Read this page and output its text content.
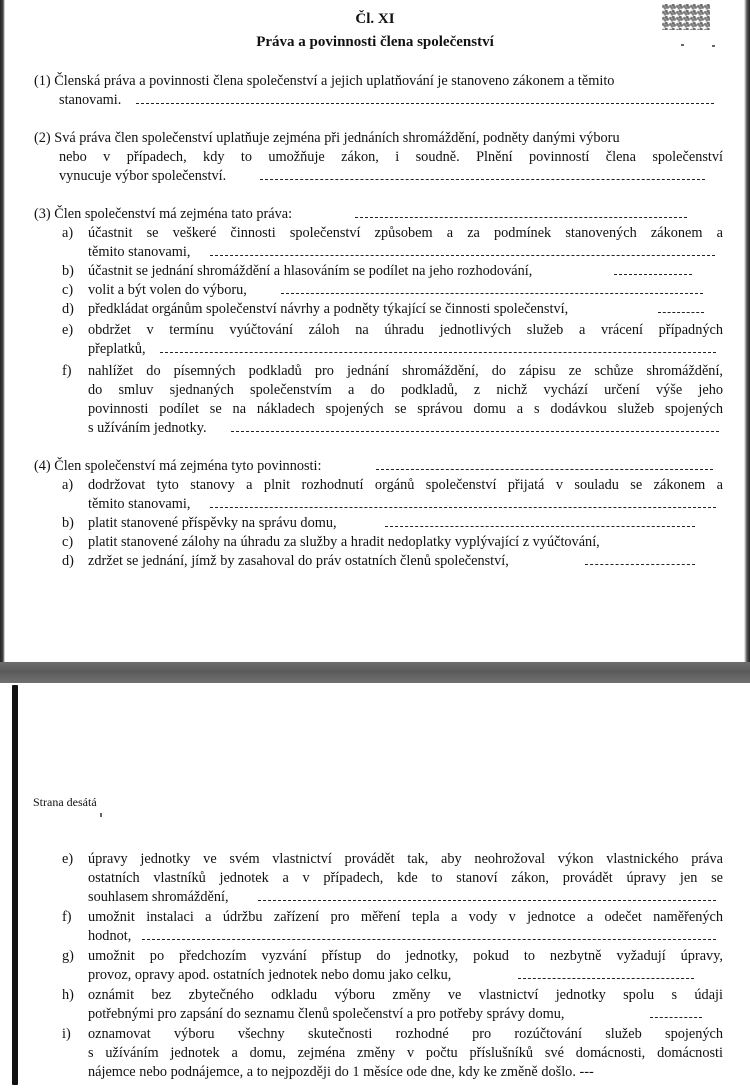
Čl. XI
Práva a povinnosti člena společenství
(1) Členská práva a povinnosti člena společenství a jejich uplatňování je stanoveno zákonem a těmito
stanovami.
(2) Svá práva člen společenství uplatňuje zejména při jednáních shromáždění, podněty danými výboru
nebo v případech, kdy to umožňuje zákon, i soudně. Plnění povinností člena společenství
vynucuje výbor společenství.
(3) Člen společenství má zejména tato práva:
a) účastnit se veškeré činnosti společenství způsobem a za podmínek stanovených zákonem a
těmito stanovami,
b) účastnit se jednání shromáždění a hlasováním se podílet na jeho rozhodování,
c) volit a být volen do výboru,
d) předkládat orgánům společenství návrhy a podněty týkající se činnosti společenství,
e) obdržet v termínu vyúčtování záloh na úhradu jednotlivých služeb a vrácení případných
přeplatků,
f) nahlížet do písemných podkladů pro jednání shromáždění, do zápisu ze schůze shromáždění,
do smluv sjednaných společenstvím a do podkladů, z nichž vychází určení výše jeho
povinnosti podílet se na nákladech spojených se správou domu a s dodávkou služeb spojených
s užíváním jednotky.
(4) Člen společenství má zejména tyto povinnosti:
a) dodržovat tyto stanovy a plnit rozhodnutí orgánů společenství přijatá v souladu se zákonem a
těmito stanovami,
b) platit stanovené příspěvky na správu domu,
c) platit stanovené zálohy na úhradu za služby a hradit nedoplatky vyplývající z vyúčtování,
d) zdržet se jednání, jímž by zasahoval do práv ostatních členů společenství,
Strana desátá
e) úpravy jednotky ve svém vlastnictví provádět tak, aby neohrožoval výkon vlastnického práva
ostatních vlastníků jednotek a v případech, kde to stanoví zákon, provádět úpravy jen se
souhlasem shromáždění,
f) umožnit instalaci a údržbu zařízení pro měření tepla a vody v jednotce a odečet naměřených
hodnot,
g) umožnit po předchozím vyzvání přístup do jednotky, pokud to nezbytně vyžadují úpravy,
provoz, opravy apod. ostatních jednotek nebo domu jako celku,
h) oznámit bez zbytečného odkladu výboru změny ve vlastnictví jednotky spolu s údaji
potřebnými pro zapsání do seznamu členů společenství a pro potřeby správy domu,
i) oznamovat výboru všechny skutečnosti rozhodné pro rozúčtování služeb spojených
s užíváním jednotek a domu, zejména změny v počtu příslušníků své domácnosti, domácnosti
nájemce nebo podnájemce, a to nejpozději do 1 měsíce ode dne, kdy ke změně došlo. ---
